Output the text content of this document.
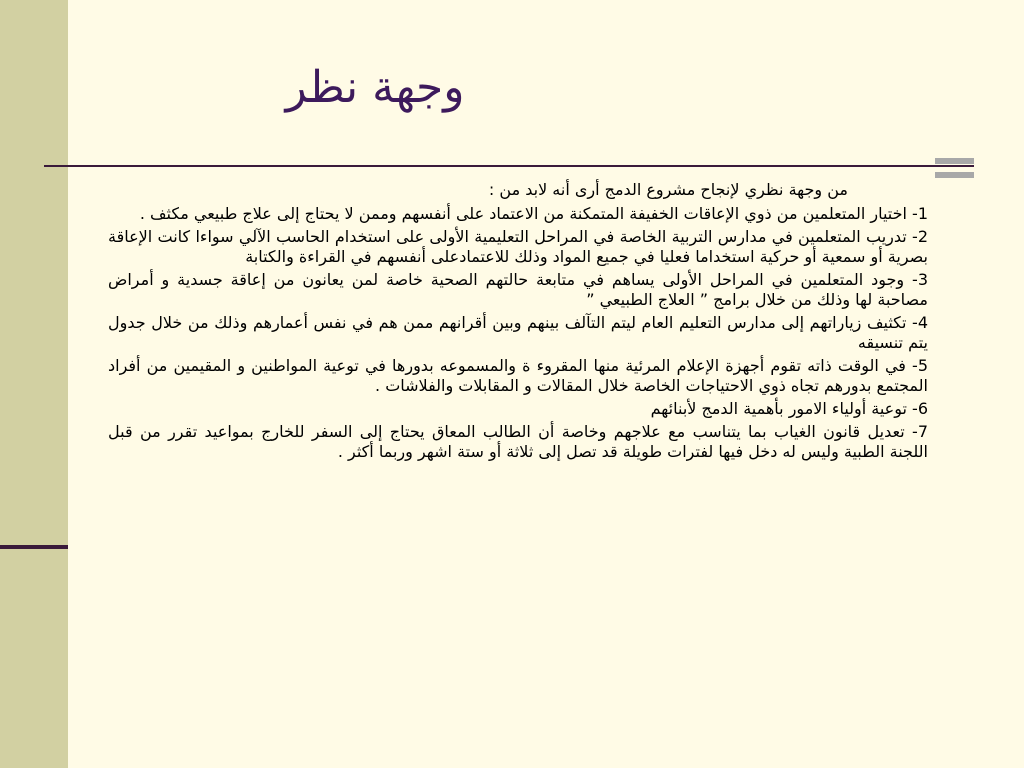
وجهة نظر

من وجهة نظري لإنجاح مشروع الدمج أرى أنه لابد من :

1- اختيار المتعلمين من ذوي الإعاقات الخفيفة المتمكنة من الاعتماد على أنفسهم وممن لا يحتاج إلى علاج طبيعي مكثف .

2- تدريب المتعلمين في مدارس التربية الخاصة في المراحل التعليمية الأولى على استخدام الحاسب الآلي سواءا كانت الإعاقة بصرية أو سمعية أو حركية استخداما فعليا في جميع المواد وذلك للاعتمادعلى أنفسهم في القراءة والكتابة

3- وجود المتعلمين في المراحل الأولى يساهم في متابعة حالتهم الصحية خاصة لمن يعانون من إعاقة جسدية و أمراض مصاحبة لها وذلك من خلال برامج ” العلاج الطبيعي ”

4- تكثيف زياراتهم إلى مدارس التعليم العام ليتم التآلف بينهم وبين أقرانهم ممن هم في نفس أعمارهم وذلك من خلال جدول يتم تنسيقه

5- في الوقت ذاته تقوم أجهزة الإعلام المرئية منها المقروء ة والمسموعه بدورها في توعية المواطنين و المقيمين من أفراد المجتمع بدورهم تجاه ذوي الاحتياجات الخاصة خلال المقالات و المقابلات والفلاشات .

6- توعية أولياء الامور بأهمية الدمج لأبنائهم

7- تعديل قانون الغياب بما يتناسب مع علاجهم وخاصة أن الطالب المعاق يحتاج إلى السفر للخارج بمواعيد تقرر من قبل اللجنة الطبية وليس له دخل فيها لفترات طويلة قد تصل إلى ثلاثة أو ستة اشهر وربما أكثر .
